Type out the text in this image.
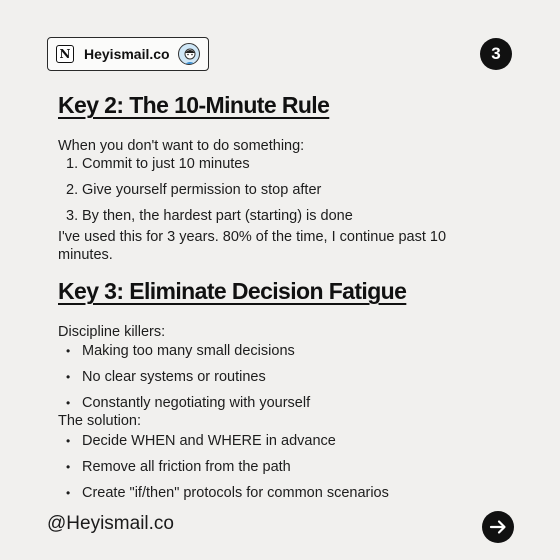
N Heyismail.co	3
Key 2: The 10-Minute Rule
When you don't want to do something:
1. Commit to just 10 minutes
2. Give yourself permission to stop after
3. By then, the hardest part (starting) is done
I've used this for 3 years. 80% of the time, I continue past 10 minutes.
Key 3: Eliminate Decision Fatigue
Discipline killers:
• Making too many small decisions
• No clear systems or routines
• Constantly negotiating with yourself
The solution:
• Decide WHEN and WHERE in advance
• Remove all friction from the path
• Create "if/then" protocols for common scenarios
@Heyismail.co
